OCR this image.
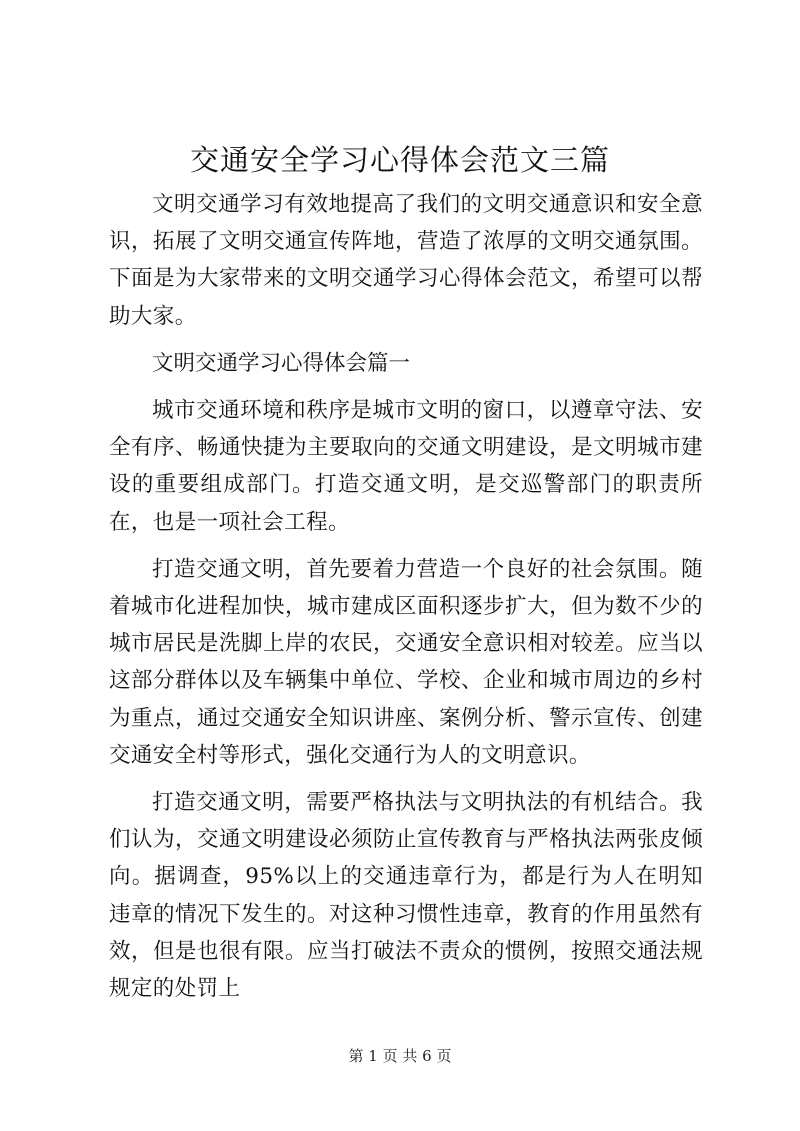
交通安全学习心得体会范文三篇

文明交通学习有效地提高了我们的文明交通意识和安全意识，拓展了文明交通宣传阵地，营造了浓厚的文明交通氛围。下面是为大家带来的文明交通学习心得体会范文，希望可以帮助大家。

文明交通学习心得体会篇一

城市交通环境和秩序是城市文明的窗口，以遵章守法、安全有序、畅通快捷为主要取向的交通文明建设，是文明城市建设的重要组成部门。打造交通文明，是交巡警部门的职责所在，也是一项社会工程。

打造交通文明，首先要着力营造一个良好的社会氛围。随着城市化进程加快，城市建成区面积逐步扩大，但为数不少的城市居民是洗脚上岸的农民，交通安全意识相对较差。应当以这部分群体以及车辆集中单位、学校、企业和城市周边的乡村为重点，通过交通安全知识讲座、案例分析、警示宣传、创建交通安全村等形式，强化交通行为人的文明意识。

打造交通文明，需要严格执法与文明执法的有机结合。我们认为，交通文明建设必须防止宣传教育与严格执法两张皮倾向。据调查，95%以上的交通违章行为，都是行为人在明知违章的情况下发生的。对这种习惯性违章，教育的作用虽然有效，但是也很有限。应当打破法不责众的惯例，按照交通法规规定的处罚上

第 1 页 共 6 页
